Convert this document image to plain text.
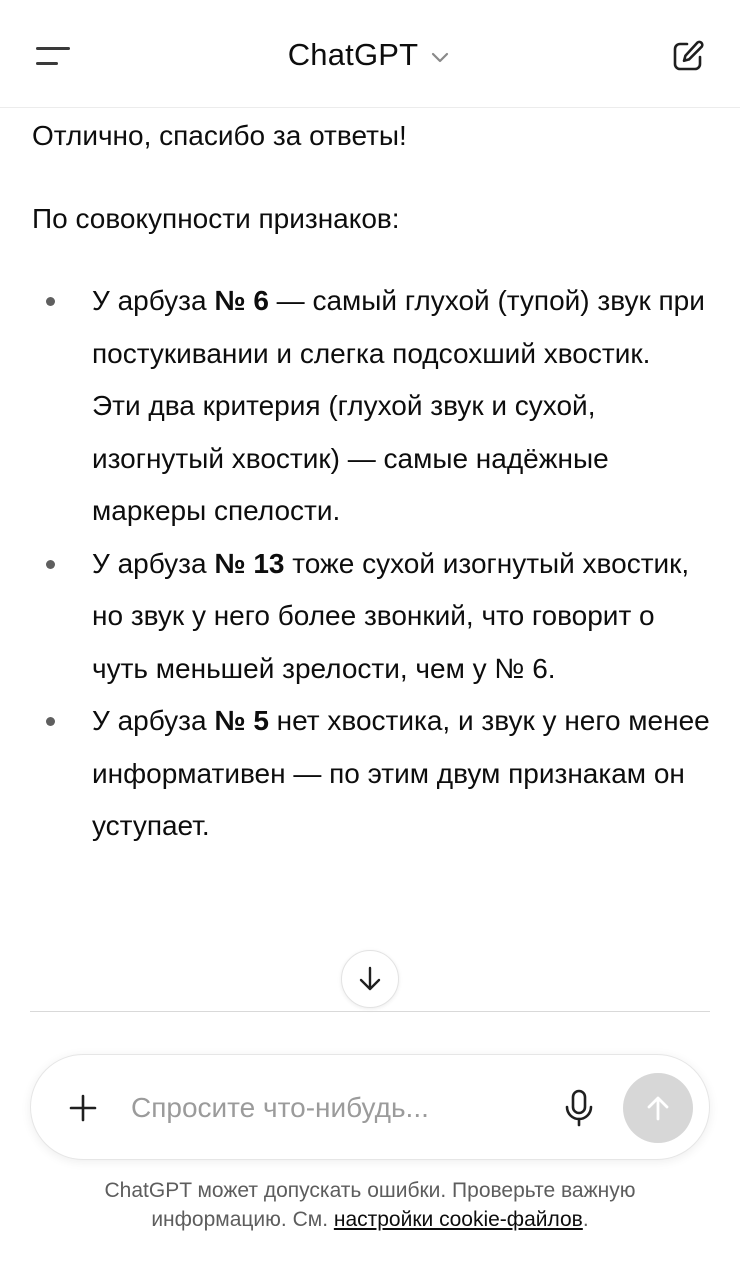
ChatGPT

Отлично, спасибо за ответы!

По совокупности признаков:

У арбуза № 6 — самый глухой (тупой) звук при постукивании и слегка подсохший хвостик.
Эти два критерия (глухой звук и сухой, изогнутый хвостик) — самые надёжные маркеры спелости.
У арбуза № 13 тоже сухой изогнутый хвостик, но звук у него более звонкий, что говорит о чуть меньшей зрелости, чем у № 6.
У арбуза № 5 нет хвостика, и звук у него менее информативен — по этим двум признакам он уступает.
Спросите что-нибудь...
ChatGPT может допускать ошибки. Проверьте важную информацию. См. настройки cookie-файлов.
